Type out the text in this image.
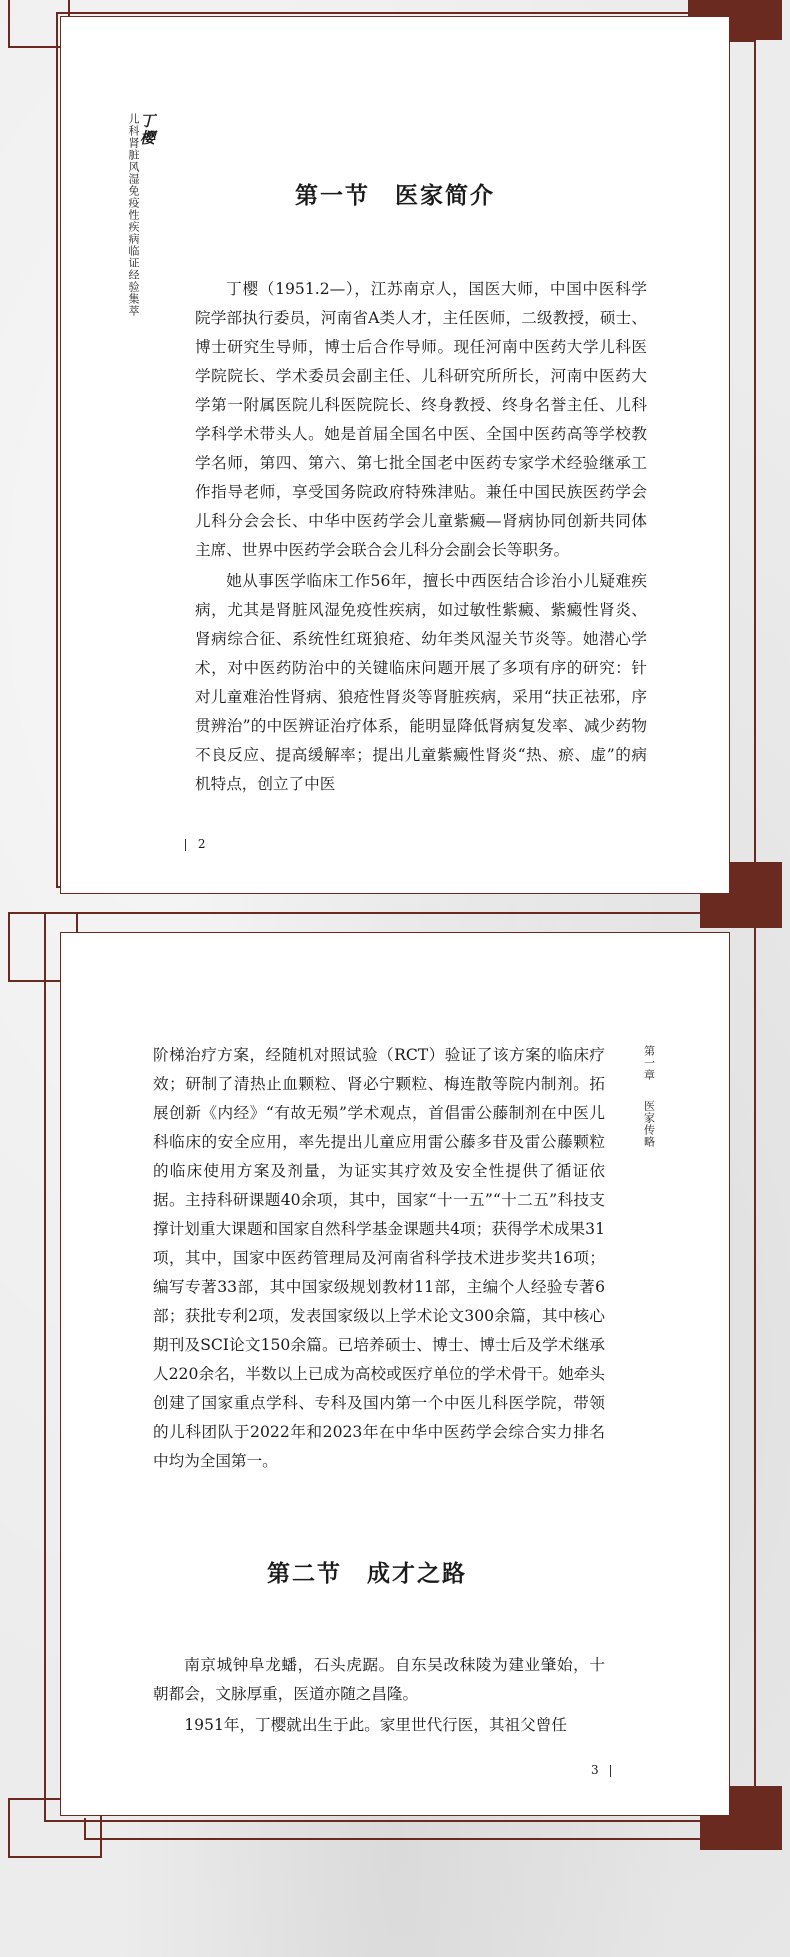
丁樱
儿科肾脏风湿免疫性疾病临证经验集萃	第一节　医家简介

丁樱（1951.2—），江苏南京人，国医大师，中国中医科学院学部执行委员，河南省A类人才，主任医师，二级教授，硕士、博士研究生导师，博士后合作导师。现任河南中医药大学儿科医学院院长、学术委员会副主任、儿科研究所所长，河南中医药大学第一附属医院儿科医院院长、终身教授、终身名誉主任、儿科学科学术带头人。她是首届全国名中医、全国中医药高等学校教学名师，第四、第六、第七批全国老中医药专家学术经验继承工作指导老师，享受国务院政府特殊津贴。兼任中国民族医药学会儿科分会会长、中华中医药学会儿童紫癜—肾病协同创新共同体主席、世界中医药学会联合会儿科分会副会长等职务。

她从事医学临床工作56年，擅长中西医结合诊治小儿疑难疾病，尤其是肾脏风湿免疫性疾病，如过敏性紫癜、紫癜性肾炎、肾病综合征、系统性红斑狼疮、幼年类风湿关节炎等。她潜心学术，对中医药防治中的关键临床问题开展了多项有序的研究：针对儿童难治性肾病、狼疮性肾炎等肾脏疾病，采用“扶正祛邪，序贯辨治”的中医辨证治疗体系，能明显降低肾病复发率、减少药物不良反应、提高缓解率；提出儿童紫癜性肾炎“热、瘀、虚”的病机特点，创立了中医

2
第一章  医家传略

阶梯治疗方案，经随机对照试验（RCT）验证了该方案的临床疗效；研制了清热止血颗粒、肾必宁颗粒、梅连散等院内制剂。拓展创新《内经》“有故无殒”学术观点，首倡雷公藤制剂在中医儿科临床的安全应用，率先提出儿童应用雷公藤多苷及雷公藤颗粒的临床使用方案及剂量，为证实其疗效及安全性提供了循证依据。主持科研课题40余项，其中，国家“十一五”“十二五”科技支撑计划重大课题和国家自然科学基金课题共4项；获得学术成果31项，其中，国家中医药管理局及河南省科学技术进步奖共16项；编写专著33部，其中国家级规划教材11部，主编个人经验专著6部；获批专利2项，发表国家级以上学术论文300余篇，其中核心期刊及SCI论文150余篇。已培养硕士、博士、博士后及学术继承人220余名，半数以上已成为高校或医疗单位的学术骨干。她牵头创建了国家重点学科、专科及国内第一个中医儿科医学院，带领的儿科团队于2022年和2023年在中华中医药学会综合实力排名中均为全国第一。

第二节　成才之路

南京城钟阜龙蟠，石头虎踞。自东吴改秣陵为建业肇始，十朝都会，文脉厚重，医道亦随之昌隆。

1951年，丁樱就出生于此。家里世代行医，其祖父曾任

3
